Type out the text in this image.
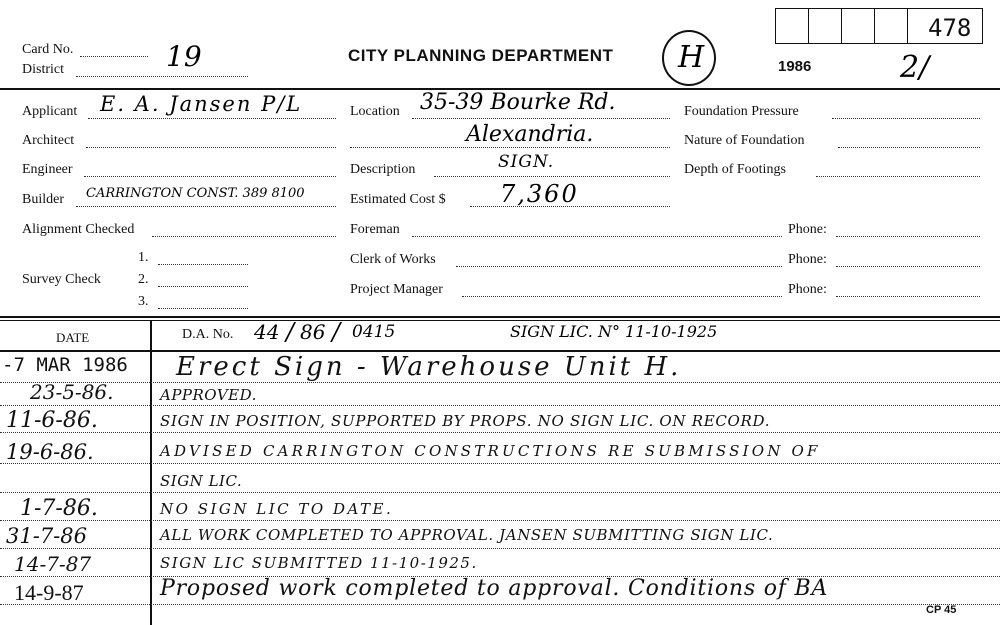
Card No.	19
District
CITY PLANNING DEPARTMENT H
478
1986	2/
Applicant E. A. Jansen P/L
Architect
Engineer
Builder CARRINGTON CONST. 389 8100
Alignment Checked
Survey Check
1.
2.
3.
Location 35-39 Bourke Rd.
Alexandria.
Description	SIGN.
Estimated Cost $ 7,360
Foreman	Phone:
Clerk of Works	Phone:
Project Manager	Phone:
Foundation Pressure
Nature of Foundation
Depth of Footings
DATE	D.A. No. 44 / 86 / 0415	SIGN LIC. N° 11-10-1925
-7 MAR 1986 Erect Sign - Warehouse Unit H.
23-5-86.	APPROVED.
11-6-86.	SIGN IN POSITION, SUPPORTED BY PROPS. NO SIGN LIC. ON RECORD.
19-6-86.	ADVISED CARRINGTON CONSTRUCTIONS RE SUBMISSION OF
SIGN LIC.
1-7-86.	NO SIGN LIC TO DATE.
31-7-86	ALL WORK COMPLETED TO APPROVAL. JANSEN SUBMITTING SIGN LIC.
14-7-87	SIGN LIC SUBMITTED 11-10-1925.
14-9-87	Proposed work completed to approval. Conditions of BA
CP 45
